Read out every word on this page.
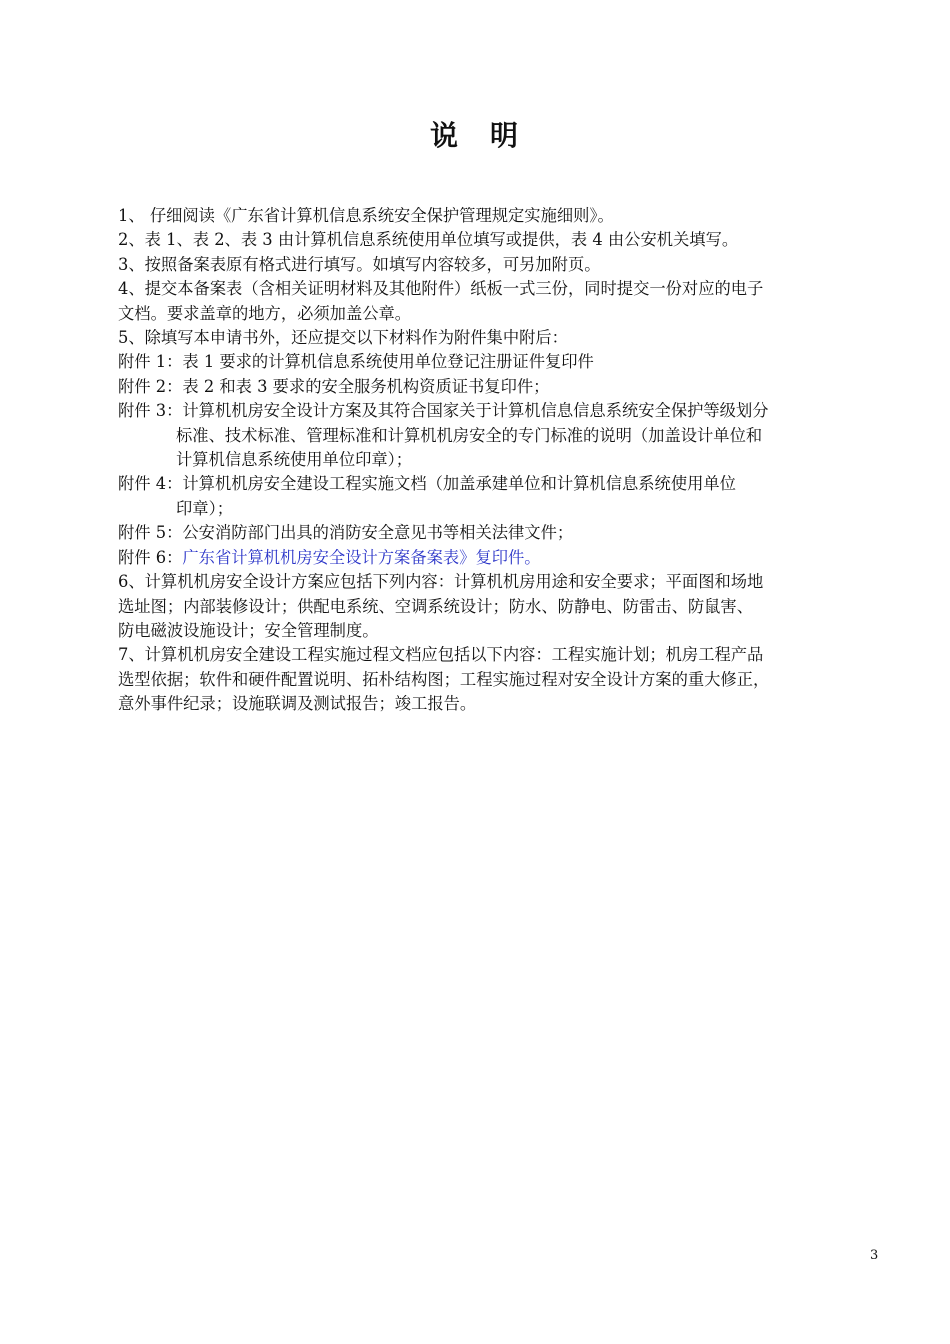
说　明
1、 仔细阅读《广东省计算机信息系统安全保护管理规定实施细则》。
2、表 1、表 2、表 3 由计算机信息系统使用单位填写或提供，表 4 由公安机关填写。
3、按照备案表原有格式进行填写。如填写内容较多，可另加附页。
4、提交本备案表（含相关证明材料及其他附件）纸板一式三份，同时提交一份对应的电子
文档。要求盖章的地方，必须加盖公章。
5、除填写本申请书外，还应提交以下材料作为附件集中附后：
附件 1：表 1 要求的计算机信息系统使用单位登记注册证件复印件
附件 2：表 2 和表 3 要求的安全服务机构资质证书复印件；
附件 3：计算机机房安全设计方案及其符合国家关于计算机信息信息系统安全保护等级划分
标准、技术标准、管理标准和计算机机房安全的专门标准的说明（加盖设计单位和
计算机信息系统使用单位印章）；
附件 4：计算机机房安全建设工程实施文档（加盖承建单位和计算机信息系统使用单位
印章）；
附件 5：公安消防部门出具的消防安全意见书等相关法律文件；
附件 6：广东省计算机机房安全设计方案备案表》复印件。
6、计算机机房安全设计方案应包括下列内容：计算机机房用途和安全要求；平面图和场地
选址图；内部装修设计；供配电系统、空调系统设计；防水、防静电、防雷击、防鼠害、
防电磁波设施设计；安全管理制度。
7、计算机机房安全建设工程实施过程文档应包括以下内容：工程实施计划；机房工程产品
选型依据；软件和硬件配置说明、拓朴结构图；工程实施过程对安全设计方案的重大修正，
意外事件纪录；设施联调及测试报告；竣工报告。
3
